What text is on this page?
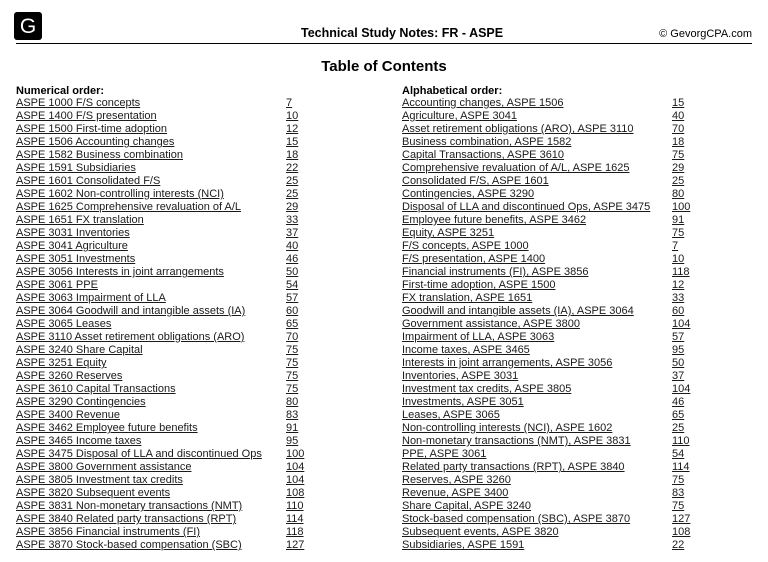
G	Technical Study Notes: FR - ASPE	© GevorgCPA.com
Table of Contents
Numerical order:
ASPE 1000 F/S concepts	7
ASPE 1400 F/S presentation	10
ASPE 1500 First-time adoption	12
ASPE 1506 Accounting changes	15
ASPE 1582 Business combination	18
ASPE 1591 Subsidiaries	22
ASPE 1601 Consolidated F/S	25
ASPE 1602 Non-controlling interests (NCI)	25
ASPE 1625 Comprehensive revaluation of A/L	29
ASPE 1651 FX translation	33
ASPE 3031 Inventories	37
ASPE 3041 Agriculture	40
ASPE 3051 Investments	46
ASPE 3056 Interests in joint arrangements	50
ASPE 3061 PPE	54
ASPE 3063 Impairment of LLA	57
ASPE 3064 Goodwill and intangible assets (IA)	60
ASPE 3065 Leases	65
ASPE 3110 Asset retirement obligations (ARO)	70
ASPE 3240 Share Capital	75
ASPE 3251 Equity	75
ASPE 3260 Reserves	75
ASPE 3610 Capital Transactions	75
ASPE 3290 Contingencies	80
ASPE 3400 Revenue	83
ASPE 3462 Employee future benefits	91
ASPE 3465 Income taxes	95
ASPE 3475 Disposal of LLA and discontinued Ops 100
ASPE 3800 Government assistance	104
ASPE 3805 Investment tax credits	104
ASPE 3820 Subsequent events	108
ASPE 3831 Non-monetary transactions (NMT)	110
ASPE 3840 Related party transactions (RPT)	114
ASPE 3856 Financial instruments (FI)	118
ASPE 3870 Stock-based compensation (SBC)	127
Alphabetical order:
Accounting changes, ASPE 1506	15
Agriculture, ASPE 3041	40
Asset retirement obligations (ARO), ASPE 3110	70
Business combination, ASPE 1582	18
Capital Transactions, ASPE 3610	75
Comprehensive revaluation of A/L, ASPE 1625	29
Consolidated F/S, ASPE 1601	25
Contingencies, ASPE 3290	80
Disposal of LLA and discontinued Ops, ASPE 3475 100
Employee future benefits, ASPE 3462	91
Equity, ASPE 3251	75
F/S concepts, ASPE 1000	7
F/S presentation, ASPE 1400	10
Financial instruments (FI), ASPE 3856	118
First-time adoption, ASPE 1500	12
FX translation, ASPE 1651	33
Goodwill and intangible assets (IA), ASPE 3064	60
Government assistance, ASPE 3800	104
Impairment of LLA, ASPE 3063	57
Income taxes, ASPE 3465	95
Interests in joint arrangements, ASPE 3056	50
Inventories, ASPE 3031	37
Investment tax credits, ASPE 3805	104
Investments, ASPE 3051	46
Leases, ASPE 3065	65
Non-controlling interests (NCI), ASPE 1602	25
Non-monetary transactions (NMT), ASPE 3831	110
PPE, ASPE 3061	54
Related party transactions (RPT), ASPE 3840	114
Reserves, ASPE 3260	75
Revenue, ASPE 3400	83
Share Capital, ASPE 3240	75
Stock-based compensation (SBC), ASPE 3870	127
Subsequent events, ASPE 3820	108
Subsidiaries, ASPE 1591	22
